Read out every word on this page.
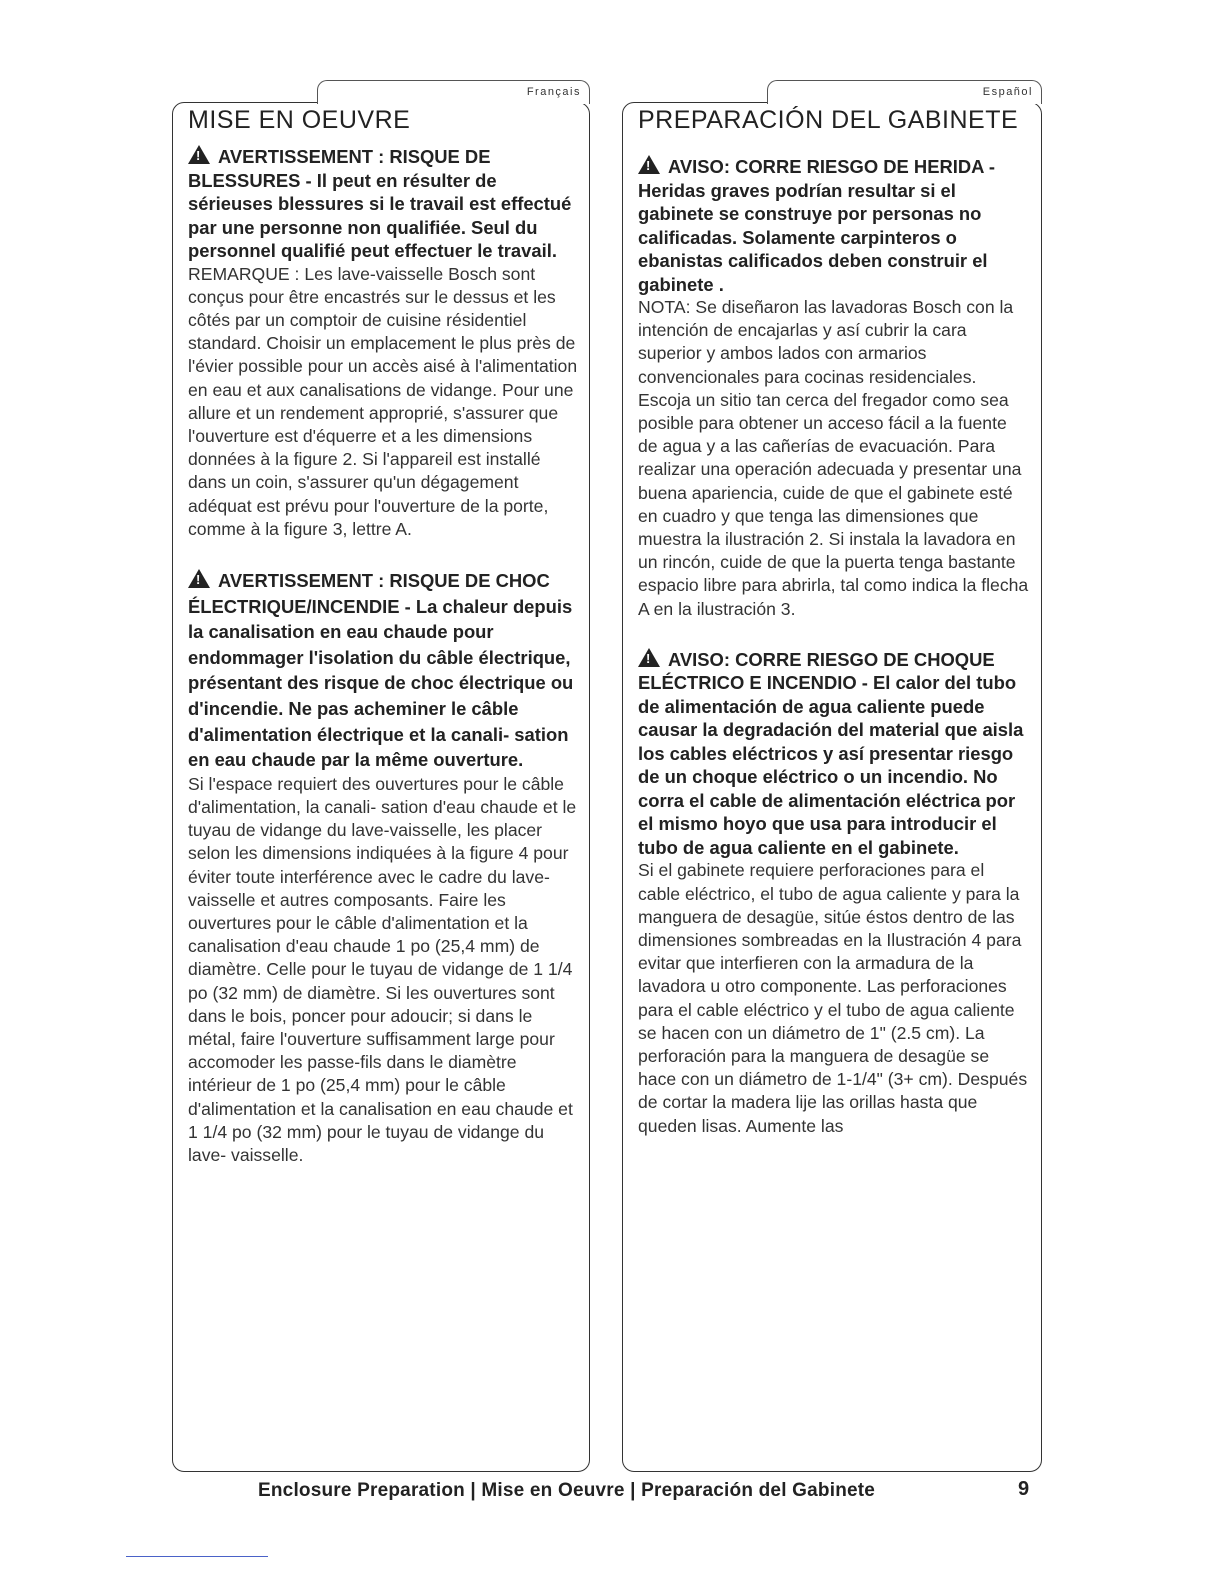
Français
MISE EN OEUVRE

!AVERTISSEMENT : RISQUE DE BLESSURES - Il peut en résulter de sérieuses blessures si le travail est effectué par une personne non qualifiée. Seul du personnel qualifié peut effectuer le travail.

REMARQUE : Les lave-vaisselle Bosch sont conçus pour être encastrés sur le dessus et les côtés par un comptoir de cuisine résidentiel standard. Choisir un emplacement le plus près de l'évier possible pour un accès aisé à l'alimentation en eau et aux canalisations de vidange. Pour une allure et un rendement approprié, s'assurer que l'ouverture est d'équerre et a les dimensions données à la figure 2. Si l'appareil est installé dans un coin, s'assurer qu'un dégagement adéquat est prévu pour l'ouverture de la porte, comme à la figure 3, lettre A.

!AVERTISSEMENT : RISQUE DE CHOC ÉLECTRIQUE/INCENDIE - La chaleur depuis la canalisation en eau chaude pour endommager l'isolation du câble électrique, présentant des risque de choc électrique ou d'incendie. Ne pas acheminer le câble d'alimentation électrique et la canali- sation en eau chaude par la même ouverture.

Si l'espace requiert des ouvertures pour le câble d'alimentation, la canali- sation d'eau chaude et le tuyau de vidange du lave-vaisselle, les placer selon les dimensions indiquées à la figure 4 pour éviter toute interférence avec le cadre du lave-vaisselle et autres composants. Faire les ouvertures pour le câble d'alimentation et la canalisation d'eau chaude 1 po (25,4 mm) de diamètre. Celle pour le tuyau de vidange de 1 1/4 po (32 mm) de diamètre. Si les ouvertures sont dans le bois, poncer pour adoucir; si dans le métal, faire l'ouverture suffisamment large pour accomoder les passe-fils dans le diamètre intérieur de 1 po (25,4 mm) pour le câble d'alimentation et la canalisation en eau chaude et 1 1/4 po (32 mm) pour le tuyau de vidange du lave- vaisselle.

Español
PREPARACIÓN DEL GABINETE

!AVISO: CORRE RIESGO DE HERIDA - Heridas graves podrían resultar si el gabinete se construye por personas no calificadas. Solamente carpinteros o ebanistas calificados deben construir el gabinete .

NOTA: Se diseñaron las lavadoras Bosch con la intención de encajarlas y así cubrir la cara superior y ambos lados con armarios convencionales para cocinas residenciales. Escoja un sitio tan cerca del fregador como sea posible para obtener un acceso fácil a la fuente de agua y a las cañerías de evacuación. Para realizar una operación adecuada y presentar una buena apariencia, cuide de que el gabinete esté en cuadro y que tenga las dimensiones que muestra la ilustración 2. Si instala la lavadora en un rincón, cuide de que la puerta tenga bastante espacio libre para abrirla, tal como indica la flecha A en la ilustración 3.

!AVISO: CORRE RIESGO DE CHOQUE ELÉCTRICO E INCENDIO - El calor del tubo de alimentación de agua caliente puede causar la degradación del material que aisla los cables eléctricos y así presentar riesgo de un choque eléctrico o un incendio. No corra el cable de alimentación eléctrica por el mismo hoyo que usa para introducir el tubo de agua caliente en el gabinete.

Si el gabinete requiere perforaciones para el cable eléctrico, el tubo de agua caliente y para la manguera de desagüe, sitúe éstos dentro de las dimensiones sombreadas en la Ilustración 4 para evitar que interfieren con la armadura de la lavadora u otro componente. Las perforaciones para el cable eléctrico y el tubo de agua caliente se hacen con un diámetro de 1" (2.5 cm). La perforación para la manguera de desagüe se hace con un diámetro de 1-1/4" (3+ cm). Después de cortar la madera lije las orillas hasta que queden lisas. Aumente las

Enclosure Preparation | Mise en Oeuvre | Preparación del Gabinete	9
